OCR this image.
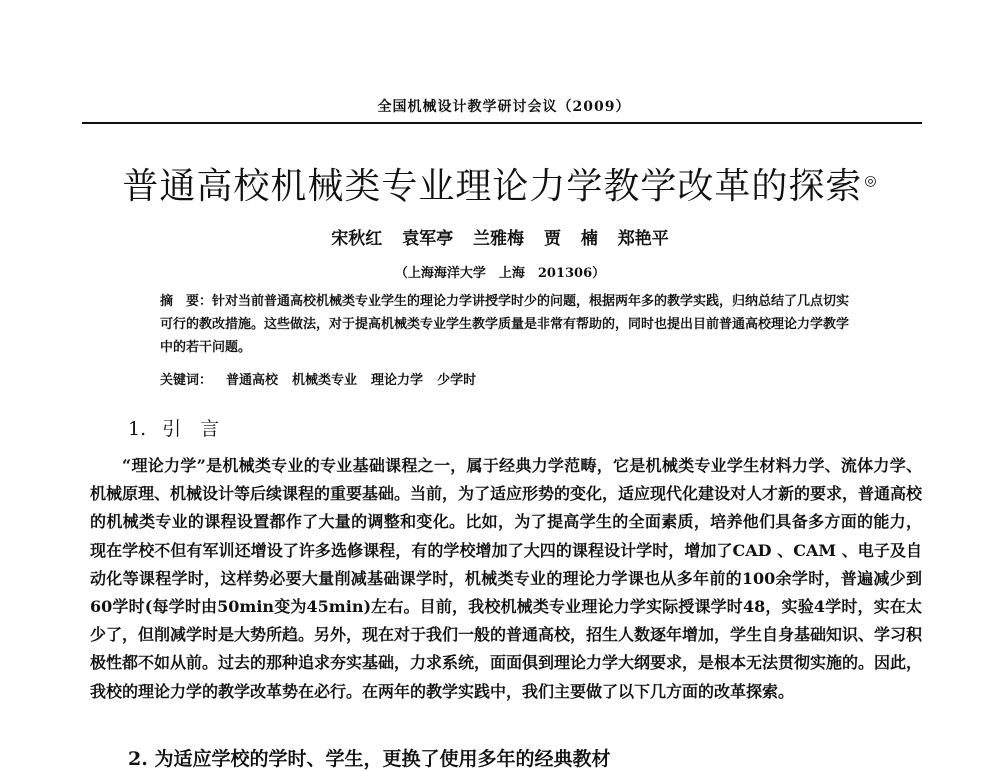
全国机械设计教学研讨会议（2009）
普通高校机械类专业理论力学教学改革的探索 ◎
宋秋红 袁军亭 兰雅梅 贾 楠 郑艳平
（上海海洋大学　上海　201306）
摘　要：针对当前普通高校机械类专业学生的理论力学讲授学时少的问题，根据两年多的教学实践，归纳总结了几点切实可行的教改措施。这些做法，对于提高机械类专业学生教学质量是非常有帮助的，同时也提出目前普通高校理论力学教学中的若干问题。
关键词： 普通高校 机械类专业 理论力学 少学时
1. 引　言
“理论力学”是机械类专业的专业基础课程之一，属于经典力学范畴，它是机械类专业学生材料力学、流体力学、机械原理、机械设计等后续课程的重要基础。当前，为了适应形势的变化，适应现代化建设对人才新的要求，普通高校的机械类专业的课程设置都作了大量的调整和变化。比如，为了提高学生的全面素质，培养他们具备多方面的能力， 现在学校不但有军训还增设了许多选修课程，有的学校增加了大四的课程设计学时，增加了CAD 、CAM 、电子及自动化等课程学时，这样势必要大量削减基础课学时，机械类专业的理论力学课也从多年前的100余学时，普遍减少到60学时(每学时由50min变为45min)左右。目前，我校机械类专业理论力学实际授课学时48，实验4学时，实在太少了，但削减学时是大势所趋。另外，现在对于我们一般的普通高校，招生人数逐年增加，学生自身基础知识、学习积极性都不如从前。过去的那种追求夯实基础，力求系统，面面俱到理论力学大纲要求，是根本无法贯彻实施的。因此，我校的理论力学的教学改革势在必行。在两年的教学实践中，我们主要做了以下几方面的改革探索。
2. 为适应学校的学时、学生，更换了使用多年的经典教材
